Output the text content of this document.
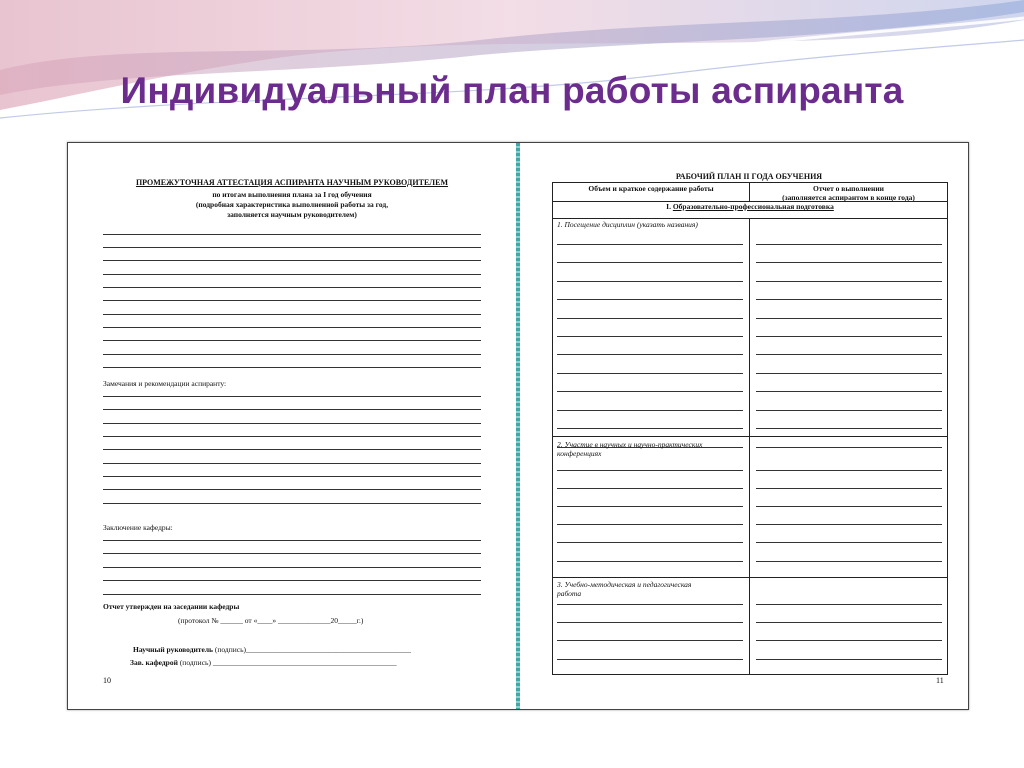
Индивидуальный план работы аспиранта
ПРОМЕЖУТОЧНАЯ АТТЕСТАЦИЯ АСПИРАНТА НАУЧНЫМ РУКОВОДИТЕЛЕМ
по итогам выполнения плана за I год обучения
(подробная характеристика выполненной работы за год,
заполняется научным руководителем)
Замечания и рекомендации аспиранту:
Заключение кафедры:
Отчет утвержден на заседании кафедры
(протокол № ______ от «____» ______________20_____г.)
Научный руководитель (подпись)____________________________________________
Зав. кафедрой (подпись) _________________________________________________
10
РАБОЧИЙ ПЛАН II ГОДА ОБУЧЕНИЯ
Объем и краткое содержание работы	Отчет о выполнении
(заполняется аспирантом в конце года)
I. Образовательно-профессиональная подготовка
1. Посещение дисциплин (указать названия)
2. Участие в научных и научно-практических
конференциях
3. Учебно-методическая и педагогическая
работа
11
